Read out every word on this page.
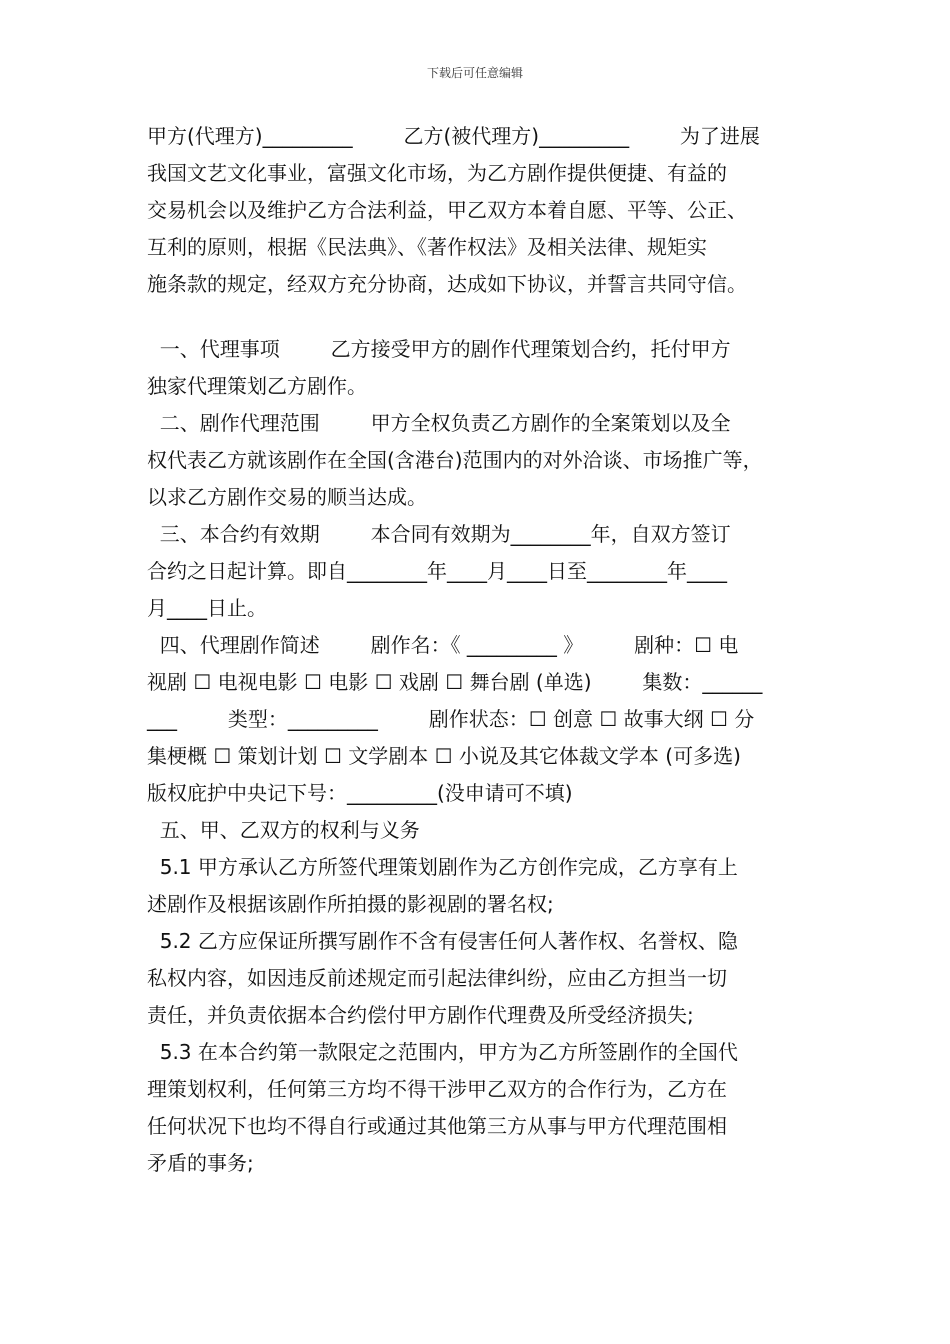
下载后可任意编辑
甲方(代理方)_________        乙方(被代理方)_________        为了进展
我国文艺文化事业，富强文化市场，为乙方剧作提供便捷、有益的
交易机会以及维护乙方合法利益，甲乙双方本着自愿、平等、公正、
互利的原则，根据《民法典》、《著作权法》及相关法律、规矩实
施条款的规定，经双方充分协商，达成如下协议，并誓言共同守信。
一、代理事项        乙方接受甲方的剧作代理策划合约，托付甲方
独家代理策划乙方剧作。
二、剧作代理范围        甲方全权负责乙方剧作的全案策划以及全
权代表乙方就该剧作在全国(含港台)范围内的对外洽谈、市场推广等，
以求乙方剧作交易的顺当达成。
三、本合约有效期        本合同有效期为________年，自双方签订
合约之日起计算。即自________年____月____日至________年____
月____日止。
四、代理剧作简述        剧作名：《 _________ 》        剧种：☐ 电
视剧 ☐ 电视电影 ☐ 电影 ☐ 戏剧 ☐ 舞台剧 (单选)        集数：______
___        类型：_________        剧作状态：☐ 创意 ☐ 故事大纲 ☐ 分
集梗概 ☐ 策划计划 ☐ 文学剧本 ☐ 小说及其它体裁文学本 (可多选)
版权庇护中央记下号：_________(没申请可不填)
五、甲、乙双方的权利与义务
5.1 甲方承认乙方所签代理策划剧作为乙方创作完成，乙方享有上
述剧作及根据该剧作所拍摄的影视剧的署名权;
5.2 乙方应保证所撰写剧作不含有侵害任何人著作权、名誉权、隐
私权内容，如因违反前述规定而引起法律纠纷，应由乙方担当一切
责任，并负责依据本合约偿付甲方剧作代理费及所受经济损失;
5.3 在本合约第一款限定之范围内，甲方为乙方所签剧作的全国代
理策划权利，任何第三方均不得干涉甲乙双方的合作行为，乙方在
任何状况下也均不得自行或通过其他第三方从事与甲方代理范围相
矛盾的事务;
